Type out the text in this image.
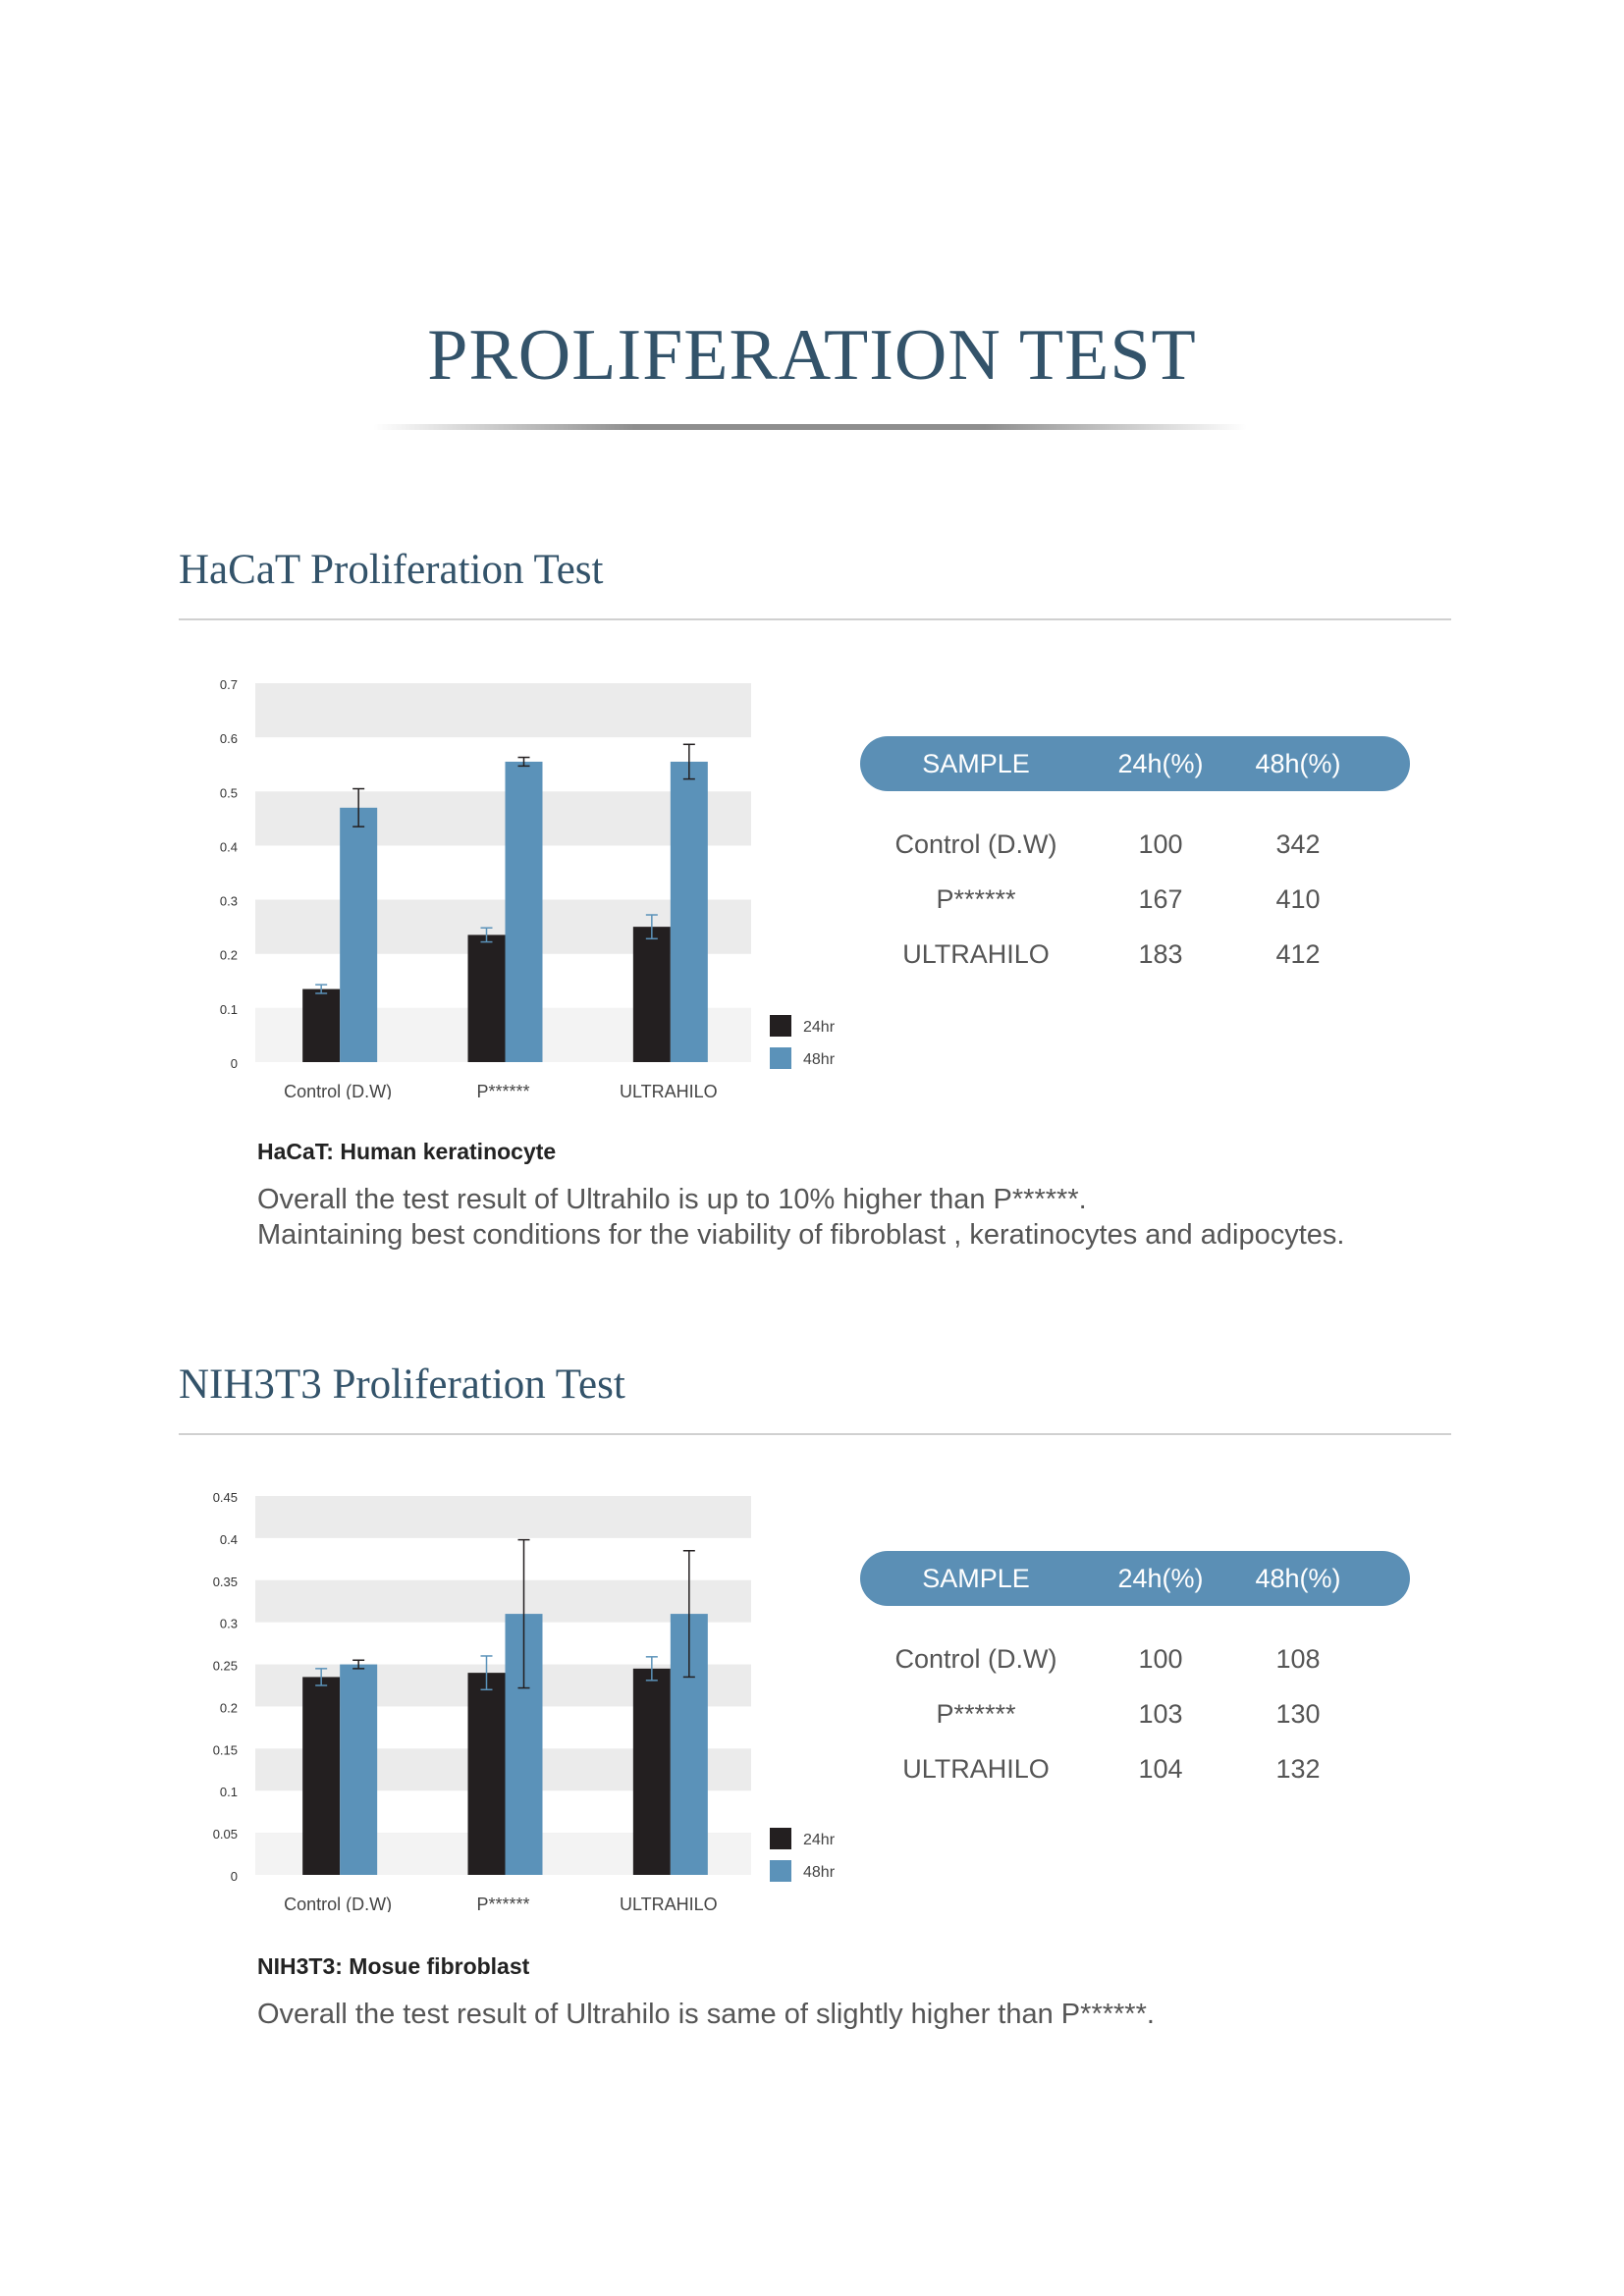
PROLIFERATION TEST
HaCaT Proliferation Test
0
0.1
0.2
0.3
0.4
0.5
0.6
0.7
Control (D.W)	P******	ULTRAHILO
24hr
48hr
SAMPLE	24h(%)	48h(%)
Control (D.W)	100	342
P******	167	410
ULTRAHILO	183	412
HaCaT: Human keratinocyte
Overall the test result of Ultrahilo is up to 10% higher than P******.
Maintaining best conditions for the viability of fibroblast , keratinocytes and adipocytes.
NIH3T3 Proliferation Test
0
0.05
0.1
0.15
0.2
0.25
0.3
0.35
0.4
0.45
Control (D.W)	P******	ULTRAHILO
24hr
48hr
SAMPLE	24h(%)	48h(%)
Control (D.W)	100	108
P******	103	130
ULTRAHILO	104	132
NIH3T3: Mosue fibroblast
Overall the test result of Ultrahilo is same of slightly higher than P******.
